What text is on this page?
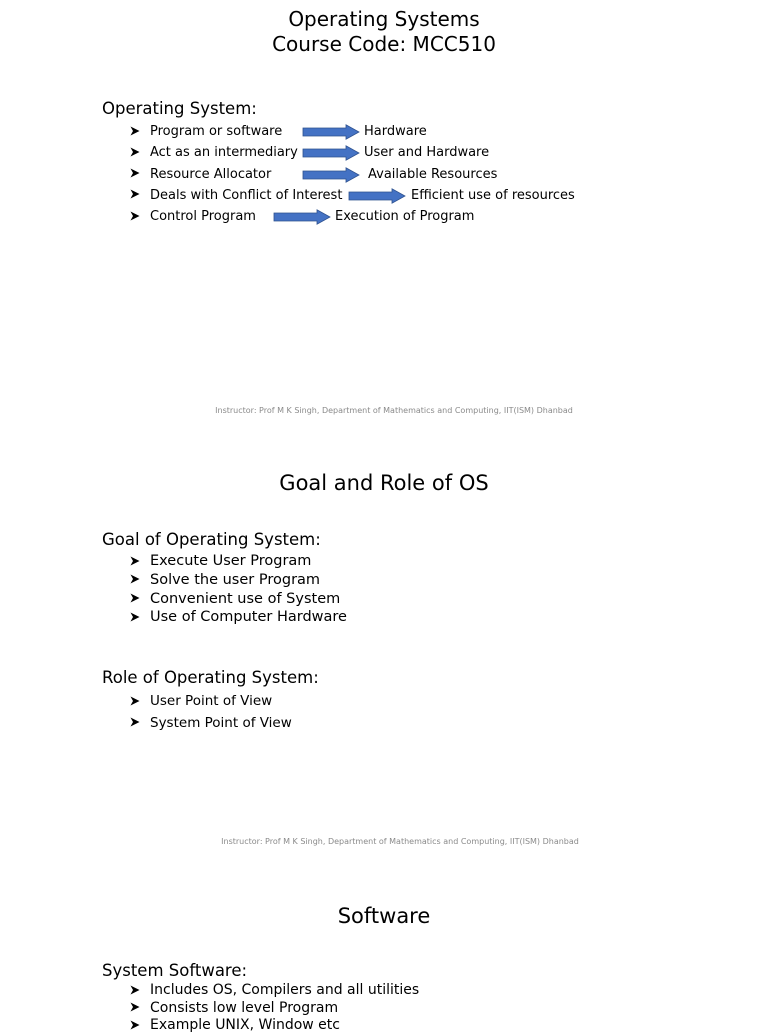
Operating Systems
Course Code: MCC510
Operating System:
Program or software	Hardware
Act as an intermediary	User and Hardware
Resource Allocator	Available Resources
Deals with Conflict of Interest	Efficient use of resources
Control Program	Execution of Program
Instructor: Prof M K Singh, Department of Mathematics and Computing, IIT(ISM) Dhanbad
Goal and Role of OS
Goal of Operating System:
Execute User Program
Solve the user Program
Convenient use of System
Use of Computer Hardware
Role of Operating System:
User Point of View
System Point of View
Instructor: Prof M K Singh, Department of Mathematics and Computing, IIT(ISM) Dhanbad
Software
System Software:
Includes OS, Compilers and all utilities
Consists low level Program
Example UNIX, Window etc
